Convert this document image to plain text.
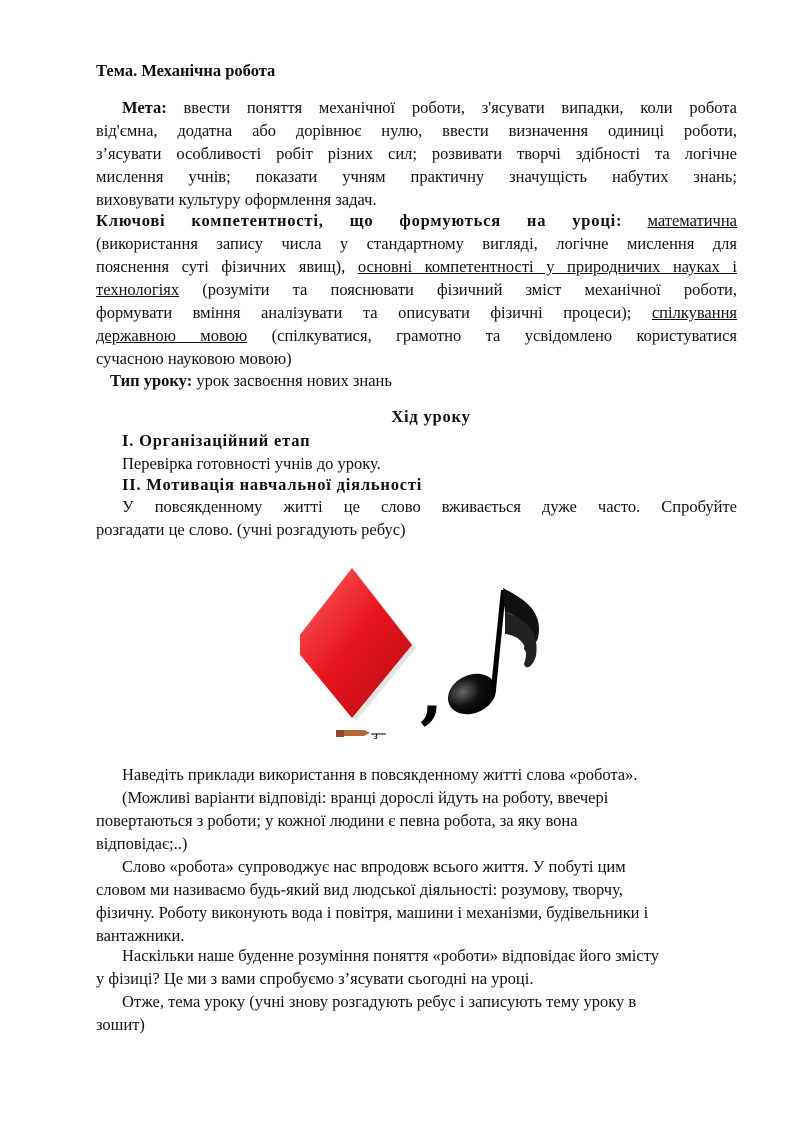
Тема. Механічна робота
Мета: ввести поняття механічної роботи, з'ясувати випадки, коли робота
від'ємна, додатна або дорівнює нулю, ввести визначення одиниці роботи,
з’ясувати особливості робіт різних сил; розвивати творчі здібності та логічне
мислення учнів; показати учням практичну значущість набутих знань;
виховувати культуру оформлення задач.
Ключові компетентності, що формуються на уроці: математична
(використання запису числа у стандартному вигляді, логічне мислення для
пояснення суті фізичних явищ), основні компетентності у природничих науках і
технологіях (розуміти та пояснювати фізичний зміст механічної роботи,
формувати вміння аналізувати та описувати фізичні процеси); спілкування
державною мовою (спілкуватися, грамотно та усвідомлено користуватися
сучасною науковою мовою)
Тип уроку: урок засвоєння нових знань
Хід уроку
I. Організаційний етап
Перевірка готовності учнів до уроку.
II. Мотивація навчальної діяльності
У повсякденному житті це слово вживається дуже часто. Спробуйте
розгадати це слово. (учні розгадують ребус)
,
з
Наведіть приклади використання в повсякденному житті слова «робота».
(Можливі варіанти відповіді: вранці дорослі йдуть на роботу, ввечері
повертаються з роботи; у кожної людини є певна робота, за яку вона
відповідає;..)
Слово «робота» супроводжує нас впродовж всього життя. У побуті цим
словом ми називаємо будь-який вид людської діяльності: розумову, творчу,
фізичну. Роботу виконують вода і повітря, машини і механізми, будівельники і
вантажники.
Наскільки наше буденне розуміння поняття «роботи» відповідає його змісту
у фізиці? Це ми з вами спробуємо з’ясувати сьогодні на уроці.
Отже, тема уроку (учні знову розгадують ребус і записують тему уроку в
зошит)
